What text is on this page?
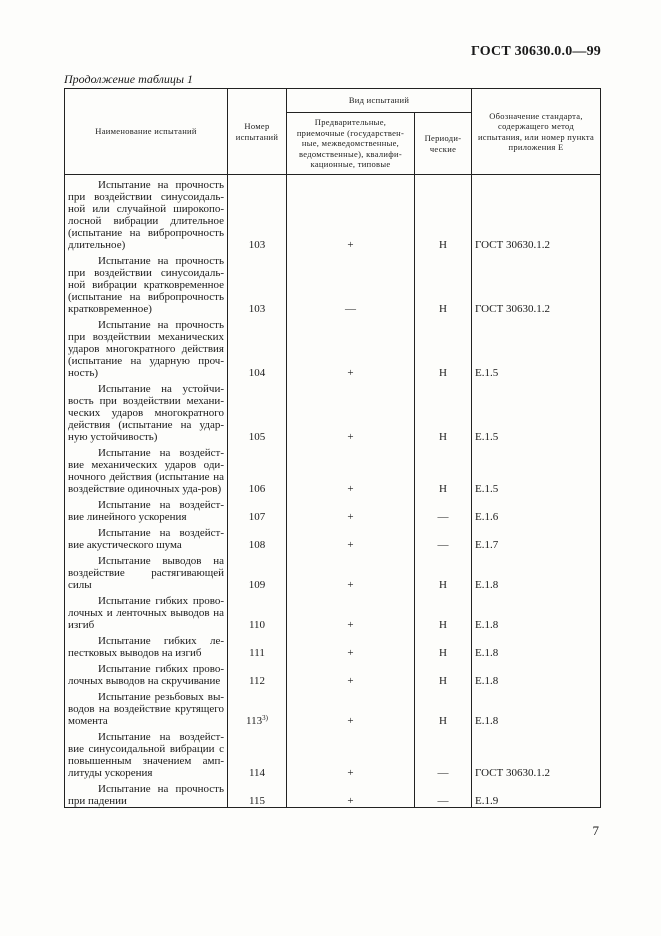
ГОСТ 30630.0.0—99
Продолжение таблицы 1
Наименование испытаний	Номер испытаний	Вид испытаний		Обозначение стандарта, содержащего метод испытания, или номер пункта приложения Е
		Предварительные, приемочные (государствен-ные, межведомственные, ведомственные), квалифи-кационные, типовые	Периоди-ческие	
Испытание на прочность при воздействии синусоидаль-ной или случайной широкопо-лосной вибрации длительное (испытание на вибропрочность длительное)	103	+	Н	ГОСТ 30630.1.2
Испытание на прочность при воздействии синусоидаль-ной вибрации кратковременное (испытание на вибропрочность кратковременное)	103	—	Н	ГОСТ 30630.1.2
Испытание на прочность при воздействии механических ударов многократного действия (испытание на ударную проч-ность)	104	+	Н	Е.1.5
Испытание на устойчи-вость при воздействии механи-ческих ударов многократного действия (испытание на удар-ную устойчивость)	105	+	Н	Е.1.5
Испытание на воздейст-вие механических ударов оди-ночного действия (испытание на воздействие одиночных уда-ров)	106	+	Н	Е.1.5
Испытание на воздейст-вие линейного ускорения	107	+	—	Е.1.6
Испытание на воздейст-вие акустического шума	108	+	—	Е.1.7
Испытание выводов на воздействие растягивающей силы	109	+	Н	Е.1.8
Испытание гибких прово-лочных и ленточных выводов на изгиб	110	+	Н	Е.1.8
Испытание гибких ле-пестковых выводов на изгиб	111	+	Н	Е.1.8
Испытание гибких прово-лочных выводов на скручивание	112	+	Н	Е.1.8
Испытание резьбовых вы-водов на воздействие крутящего момента	$113^{3)}$	+	Н	Е.1.8
Испытание на воздейст-вие синусоидальной вибрации с повышенным значением амп-литуды ускорения	114	+	—	ГОСТ 30630.1.2
Испытание на прочность при падении	115	+	—	Е.1.9
7
